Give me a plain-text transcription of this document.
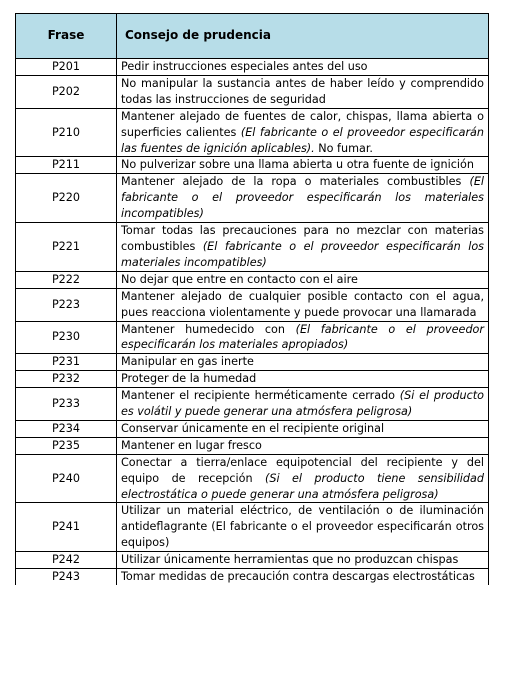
Frase	Consejo de prudencia
P201	Pedir instrucciones especiales antes del uso
P202	No manipular la sustancia antes de haber leído y comprendido todas las instrucciones de seguridad
P210	Mantener alejado de fuentes de calor, chispas, llama abierta o superficies calientes (El fabricante o el proveedor especificarán las fuentes de ignición aplicables). No fumar.
P211	No pulverizar sobre una llama abierta u otra fuente de ignición
P220	Mantener alejado de la ropa o materiales combustibles (El fabricante o el proveedor especificarán los materiales incompatibles)
P221	Tomar todas las precauciones para no mezclar con materias combustibles (El fabricante o el proveedor especificarán los materiales incompatibles)
P222	No dejar que entre en contacto con el aire
P223	Mantener alejado de cualquier posible contacto con el agua, pues reacciona violentamente y puede provocar una llamarada
P230	Mantener humedecido con (El fabricante o el proveedor especificarán los materiales apropiados)
P231	Manipular en gas inerte
P232	Proteger de la humedad
P233	Mantener el recipiente herméticamente cerrado (Si el producto es volátil y puede generar una atmósfera peligrosa)
P234	Conservar únicamente en el recipiente original
P235	Mantener en lugar fresco
P240	Conectar a tierra/enlace equipotencial del recipiente y del equipo de recepción (Si el producto tiene sensibilidad electrostática o puede generar una atmósfera peligrosa)
P241	Utilizar un material eléctrico, de ventilación o de iluminación antideflagrante (El fabricante o el proveedor especificarán otros equipos)
P242	Utilizar únicamente herramientas que no produzcan chispas
P243	Tomar medidas de precaución contra descargas electrostáticas
